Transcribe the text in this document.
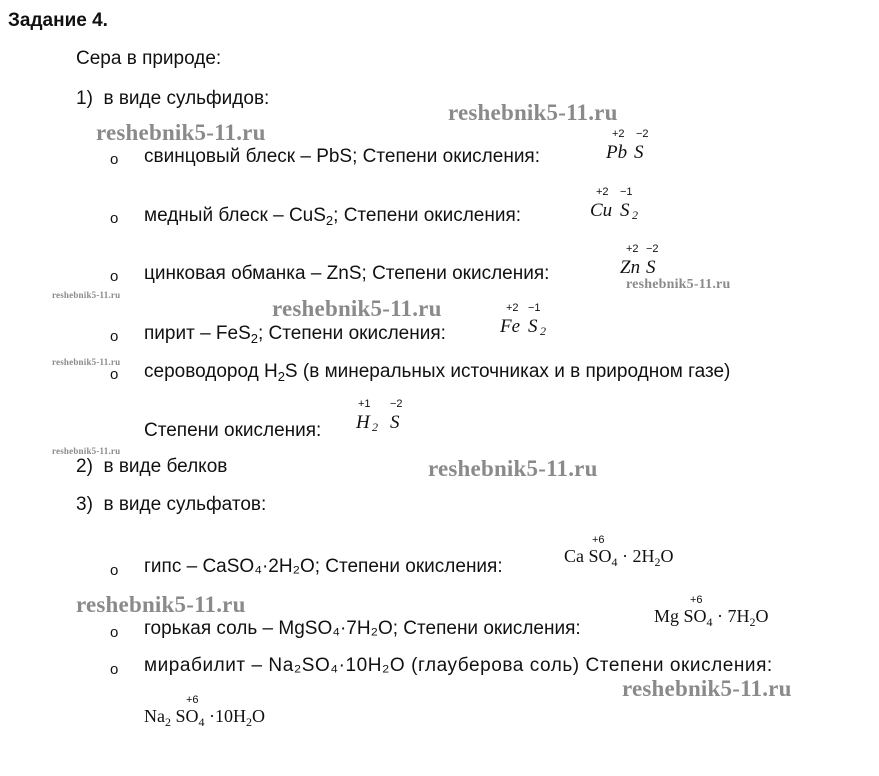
Задание 4.
Сера в природе:
1) в виде сульфидов:
o свинцовый блеск – PbS; Степени окисления:
+2 −2
Pb S
o медный блеск – CuS$_2$; Степени окисления:
+2 −1
Cu S 2
o цинковая обманка – ZnS; Степени окисления:
+2 −2
Zn S
o пирит – FeS$_2$; Степени окисления:
+2 −1
Fe S 2
o сероводород $H_2S$ (в минеральных источниках и в природном газе)
Степени окисления:
+1 −2
H 2 S
2) в виде белков
3) в виде сульфатов:
o гипс – CaSO₄·2H₂O; Степени окисления:
+6
Ca $SO_4 \cdot 2H_2O$
o горькая соль – MgSO₄·7H₂O; Степени окисления:
+6
Mg $SO_4 \cdot 7H_2O$
o мирабилит – Na₂SO₄·10H₂O (глауберова соль) Степени окисления:
+6
$Na_2$ $SO_4 \cdot 10H_2O$
reshebnik5-11.ru
reshebnik5-11.ru
reshebnik5-11.ru
reshebnik5-11.ru
reshebnik5-11.ru
reshebnik5-11.ru
reshebnik5-11.ru
reshebnik5-11.ru
reshebnik5-11.ru
reshebnik5-11.ru
